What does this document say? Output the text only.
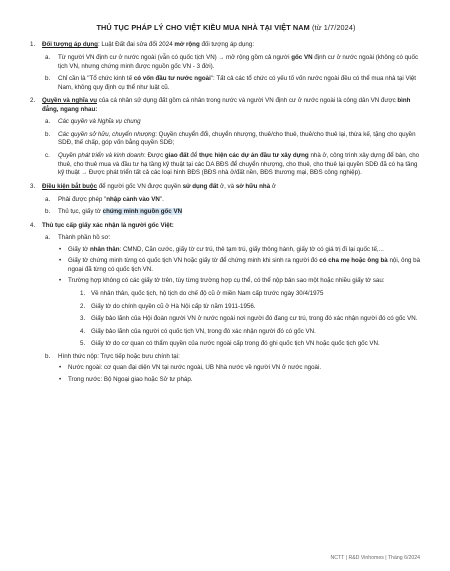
THỦ TỤC PHÁP LÝ CHO VIỆT KIỀU MUA NHÀ TẠI VIỆT NAM (từ 1/7/2024)
1. Đối tượng áp dụng: Luật Đất đai sửa đổi 2024 mở rộng đối tượng áp dụng:
a. Từ người VN định cư ở nước ngoài (vẫn có quốc tịch VN) → mở rộng gồm cả người gốc VN định cư ở nước ngoài (không có quốc tịch VN, nhưng chứng minh được nguồn gốc VN - 3 đời).
b. Chỉ cần là "Tổ chức kinh tế có vốn đầu tư nước ngoài": Tất cả các tổ chức có yếu tố vốn nước ngoài đều có thể mua nhà tại Việt Nam, không quy định cụ thể như luật cũ.
2. Quyền và nghĩa vụ của cá nhân sử dụng đất gồm cá nhân trong nước và người VN định cư ở nước ngoài là công dân VN được bình đẳng, ngang nhau:
a. Các quyền và Nghĩa vụ chung
b. Các quyền sở hữu, chuyển nhượng: Quyền chuyển đổi, chuyển nhượng, thuê/cho thuê, thuê/cho thuê lại, thừa kế, tặng cho quyền SDĐ, thế chấp, góp vốn bằng quyền SDĐ;
c. Quyền phát triển và kinh doanh: Được giao đất để thực hiện các dự án đầu tư xây dựng nhà ở, công trình xây dựng để bán, cho thuê, cho thuê mua và đầu tư hạ tầng kỹ thuật tại các DA BĐS để chuyển nhượng, cho thuê, cho thuê lại quyền SDĐ đã có hạ tầng kỹ thuật → Được phát triển tất cả các loại hình BĐS (BĐS nhà ở/đất nền, BĐS thương mại, BĐS công nghiệp).
3. Điều kiện bắt buộc để người gốc VN được quyền sử dụng đất ở, và sở hữu nhà ở
a. Phải được phép "nhập cảnh vào VN".
b. Thủ tục, giấy tờ chứng minh nguồn gốc VN
4. Thủ tục cấp giấy xác nhận là người gốc Việt:
a. Thành phần hồ sơ:
• Giấy tờ nhân thân: CMND, Căn cước, giấy tờ cư trú, thẻ tạm trú, giấy thông hành, giấy tờ có giá trị đi lại quốc tế,...
• Giấy tờ chứng minh từng có quốc tịch VN hoặc giấy tờ để chứng minh khi sinh ra người đó có cha mẹ hoặc ông bà nội, ông bà ngoại đã từng có quốc tịch VN.
• Trường hợp không có các giấy tờ trên, tùy từng trường hợp cụ thể, có thể nộp bản sao một hoặc nhiều giấy tờ sau:
1. Về nhân thân, quốc tịch, hộ tịch do chế độ cũ ở miền Nam cấp trước ngày 30/4/1975
2. Giấy tờ do chính quyền cũ ở Hà Nội cấp từ năm 1911-1956.
3. Giấy bảo lãnh của Hội đoàn người VN ở nước ngoài nơi người đó đang cư trú, trong đó xác nhận người đó có gốc VN.
4. Giấy bảo lãnh của người có quốc tịch VN, trong đó xác nhận người đó có gốc VN.
5. Giấy tờ do cơ quan có thẩm quyền của nước ngoài cấp trong đó ghi quốc tịch VN hoặc quốc tịch gốc VN.
b. Hình thức nộp: Trực tiếp hoặc bưu chính tại:
• Nước ngoài: cơ quan đại diện VN tại nước ngoài, UB Nhà nước về người VN ở nước ngoài.
• Trong nước: Bộ Ngoại giao hoặc Sở tư pháp.
NCTT | R&D Vinhomes | Tháng 6/2024
